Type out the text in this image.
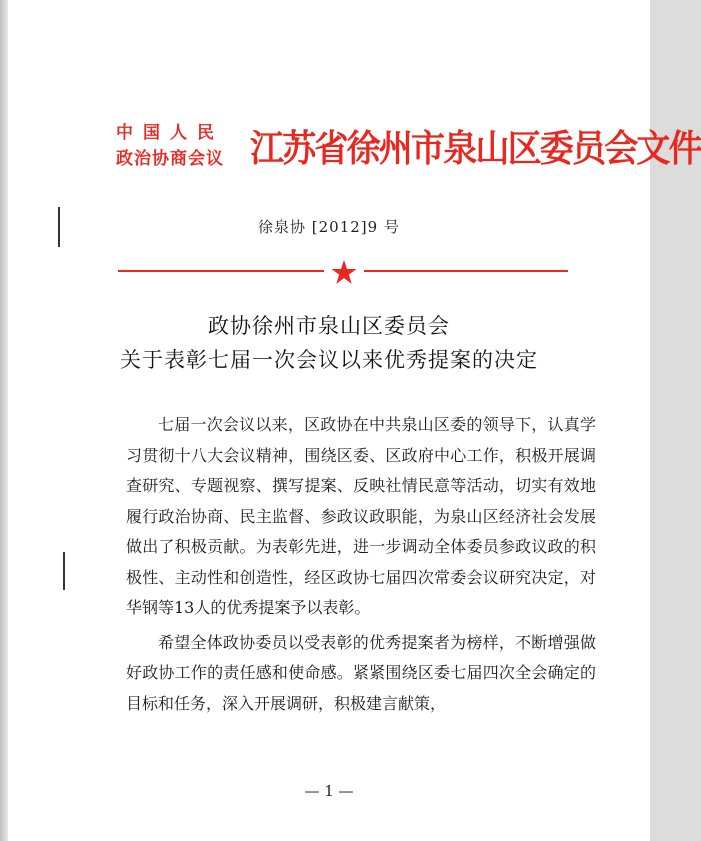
中国人民
政治协商会议 江苏省徐州市泉山区委员会文件
徐泉协 [2012]9 号
政协徐州市泉山区委员会
关于表彰七届一次会议以来优秀提案的决定

七届一次会议以来，区政协在中共泉山区委的领导下，认真学习贯彻十八大会议精神，围绕区委、区政府中心工作，积极开展调查研究、专题视察、撰写提案、反映社情民意等活动，切实有效地履行政治协商、民主监督、参政议政职能，为泉山区经济社会发展做出了积极贡献。为表彰先进，进一步调动全体委员参政议政的积极性、主动性和创造性，经区政协七届四次常委会议研究决定，对华钢等13人的优秀提案予以表彰。

希望全体政协委员以受表彰的优秀提案者为榜样，不断增强做好政协工作的责任感和使命感。紧紧围绕区委七届四次全会确定的目标和任务，深入开展调研，积极建言献策，

— 1 —
